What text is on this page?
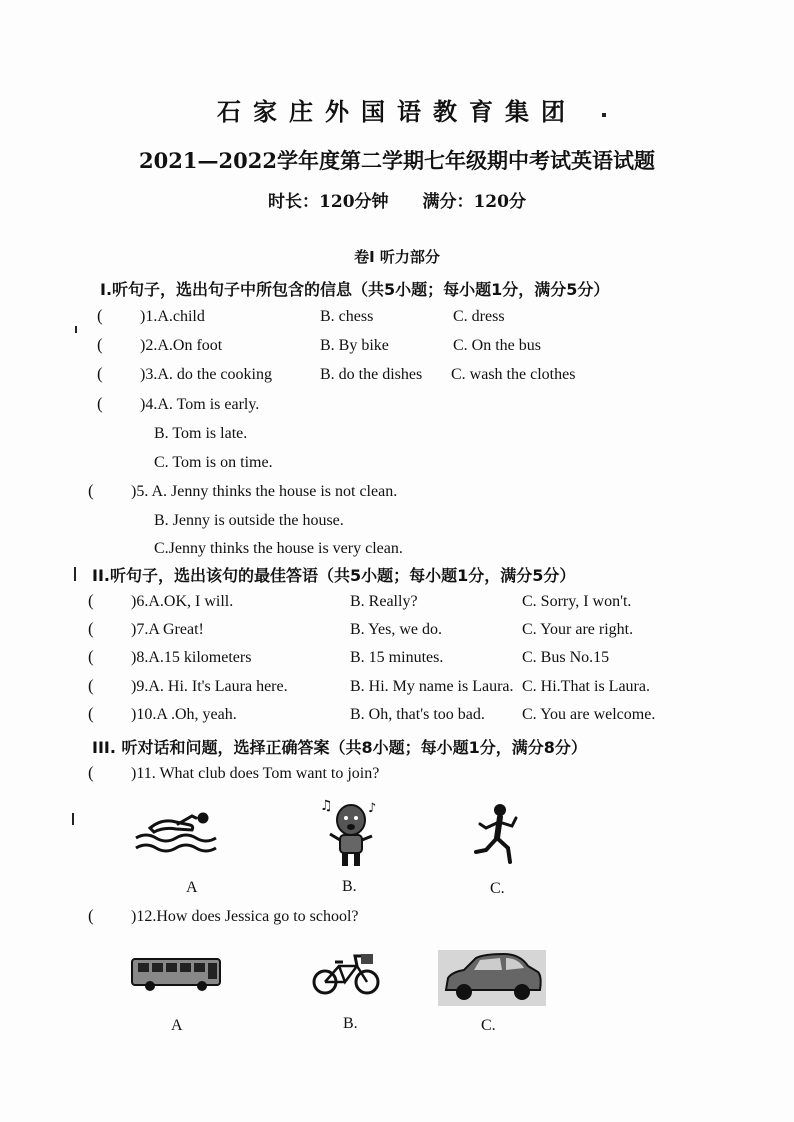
石家庄外国语教育集团
2021—2022学年度第二学期七年级期中考试英语试题
时长：120分钟 满分：120分
卷I 听力部分
I.听句子，选出句子中所包含的信息（共5小题；每小题1分，满分5分）
( )1.A.child	B. chess	C. dress
( )2.A.On foot	B. By bike	C. On the bus
( )3.A. do the cooking	B. do the dishes C. wash the clothes
( )4.A. Tom is early.
B. Tom is late.
C. Tom is on time.
( )5. A. Jenny thinks the house is not clean.
B. Jenny is outside the house.
C.Jenny thinks the house is very clean.
II.听句子，选出该句的最佳答语（共5小题；每小题1分，满分5分）
( )6.A.OK, I will.	B. Really?	C. Sorry, I won't.
( )7.A Great!	B. Yes, we do.	C. Your are right.
( )8.A.15 kilometers	B. 15 minutes.	C. Bus No.15
( )9.A. Hi. It's Laura here.	B. Hi. My name is Laura. C. Hi.That is Laura.
( )10.A .Oh, yeah.	B. Oh, that's too bad. C. You are welcome.
III. 听对话和问题，选择正确答案（共8小题；每小题1分，满分8分）
( )11. What club does Tom want to join?
♫	♪
A	B.	C.
( )12.How does Jessica go to school?
A	B.	C.
